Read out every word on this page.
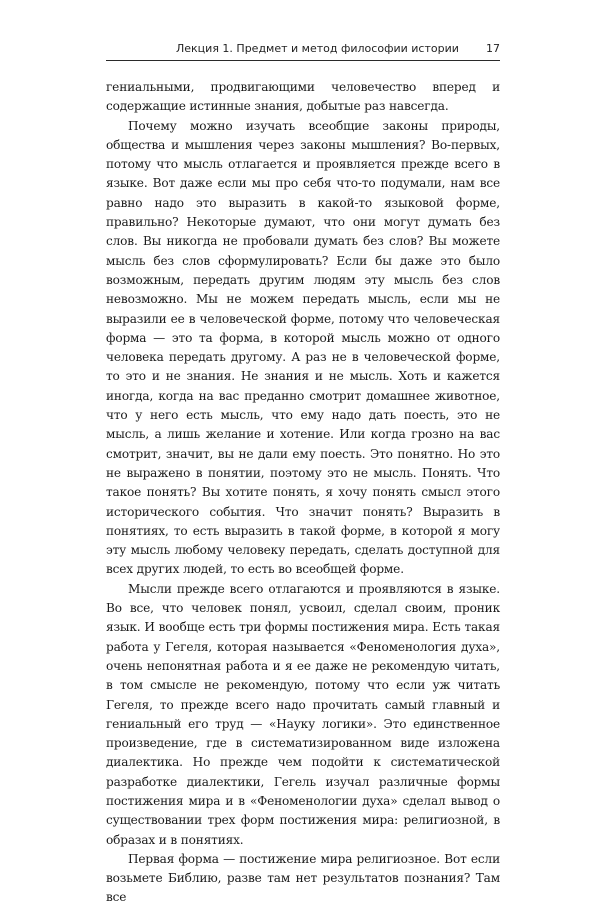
Лекция 1. Предмет и метод философии истории 17

гениальными, продвигающими человечество вперед и содержащие истинные знания, добытые раз навсегда.

Почему можно изучать всеобщие законы природы, общества и мышления через законы мышления? Во-первых, потому что мысль отлагается и проявляется прежде всего в языке. Вот даже если мы про себя что-то подумали, нам все равно надо это выразить в какой-то языковой форме, правильно? Некоторые думают, что они могут думать без слов. Вы никогда не пробовали думать без слов? Вы можете мысль без слов сформулировать? Если бы даже это было возможным, передать другим людям эту мысль без слов невозможно. Мы не можем передать мысль, если мы не выразили ее в человеческой форме, потому что человеческая форма — это та форма, в которой мысль можно от одного человека передать другому. А раз не в человеческой форме, то это и не знания. Не знания и не мысль. Хоть и кажется иногда, когда на вас преданно смотрит домашнее животное, что у него есть мысль, что ему надо дать поесть, это не мысль, а лишь желание и хотение. Или когда грозно на вас смотрит, значит, вы не дали ему поесть. Это понятно. Но это не выражено в понятии, поэтому это не мысль. Понять. Что такое понять? Вы хотите понять, я хочу понять смысл этого исторического события. Что значит понять? Выразить в понятиях, то есть выразить в такой форме, в которой я могу эту мысль любому человеку передать, сделать доступной для всех других людей, то есть во всеобщей форме.

Мысли прежде всего отлагаются и проявляются в языке. Во все, что человек понял, усвоил, сделал своим, проник язык. И вообще есть три формы постижения мира. Есть такая работа у Гегеля, которая называется «Феноменология духа», очень непонятная работа и я ее даже не рекомендую читать, в том смысле не рекомендую, потому что если уж читать Гегеля, то прежде всего надо прочитать самый главный и гениальный его труд — «Науку логики». Это единственное произведение, где в систематизированном виде изложена диалектика. Но прежде чем подойти к систематической разработке диалектики, Гегель изучал различные формы постижения мира и в «Феноменологии духа» сделал вывод о существовании трех форм постижения мира: религиозной, в образах и в понятиях.

Первая форма — постижение мира религиозное. Вот если возьмете Библию, разве там нет результатов познания? Там все
